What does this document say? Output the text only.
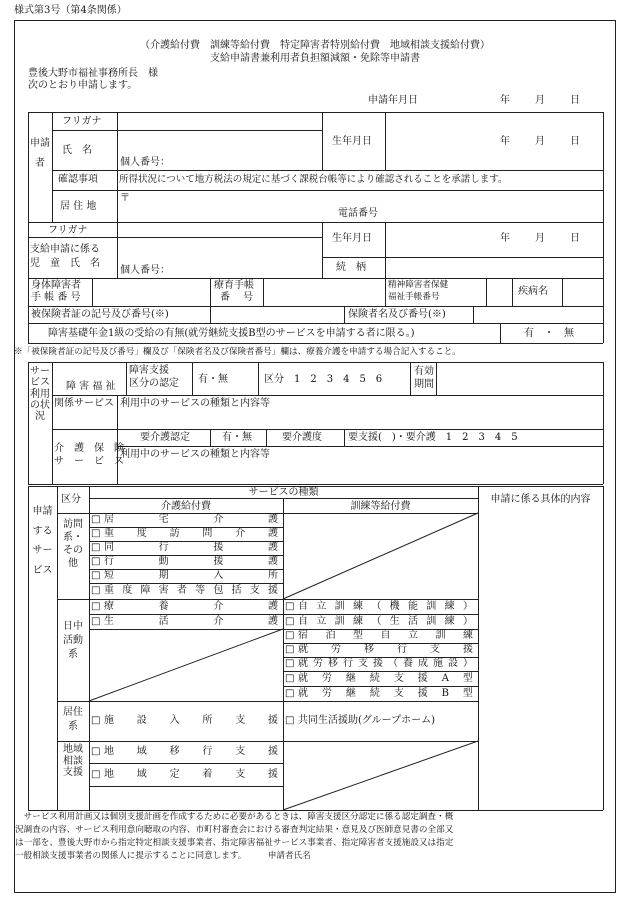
様式第3号（第4条関係）
（介護給付費　訓練等給付費　特定障害者特別給付費　地域相談支援給付費）
支給申請書兼利用者負担額減額・免除等申請書
豊後大野市福祉事務所長　様
次のとおり申請します。
申請年月日	年	月	日
申請者
フリガナ
氏　名
個人番号：
生年月日	年	月	日
確認事項 所得状況について地方税法の規定に基づく課税台帳等により確認されることを承諾します。
居 住 地
〒
電話番号
フリガナ
支給申請に係る
児　童　氏　名
個人番号：
生年月日	年	月	日
続　柄
身体障害者
手 帳 番 号
療育手帳
番　 号
精神障害者保健
福祉手帳番号	疾病名
被保険者証の記号及び番号(※)	保険者名及び番号(※)
障害基礎年金1級の受給の有無(就労継続支援B型のサービスを申請する者に限る。)	有　・　無
※「被保険者証の記号及び番号」欄及び「保険者名及び保険者番号」欄は、療養介護を申請する場合記入すること。
サービス利用の状況
障 害 福 祉
関係サービス
障害支援
区分の認定 有・無	区分　1　2　3　4　5　6
有効
期間
利用中のサービスの種類と内容等
介　護　保　険
サ　ー　ビ　ス
要介護認定	有・無	要介護度	要支援(　)・要介護　1　2　3　4　5
利用中のサービスの種類と内容等
申請するサービス
区分
サービスの種類
介護給付費	訓練等給付費
申請に係る具体的内容
訪問系・その他
日中活動系
居住系
地域相談支援
□
居	宅	介	護
□
重 度 訪 問 介 護
□
同	行	援	護
□
行	動	援	護
□
短	期	入	所
□
重 度 障 害 者 等 包 括 支 援
□
療	養	介	護
□
生	活	介	護
□
自 立 訓 練 （ 機 能 訓 練 ）
□
自 立 訓 練 （ 生 活 訓 練 ）
□
宿 泊 型 自 立 訓 練
□
就 労 移 行 支 援
□
就 労 移 行 支 援 （ 養 成 施 設 ）
□
就 労 継 続 支 援 A 型
□
就 労 継 続 支 援 B 型
□
施 設 入 所 支 援
□ 共同生活援助(グループホーム)
□
地 域 移 行 支 援
□
地 域 定 着 支 援
　サービス利用計画又は個別支援計画を作成するために必要があるときは、障害支援区分認定に係る認定調査・概
況調査の内容、サービス利用意向聴取の内容、市町村審査会における審査判定結果・意見及び医師意見書の全部又
は一部を、豊後大野市から指定特定相談支援事業者、指定障害福祉サービス事業者、指定障害者支援施設又は指定
一般相談支援事業者の関係人に提示することに同意します。　　　申請者氏名
